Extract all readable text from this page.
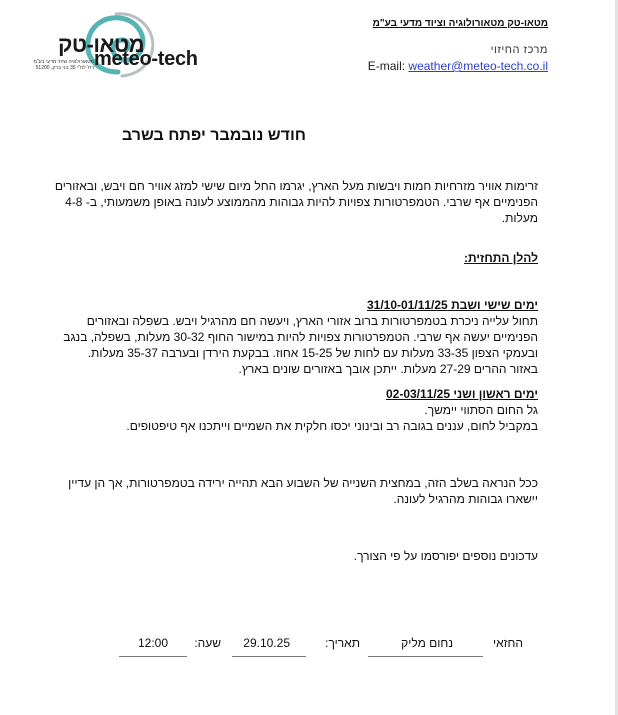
מטאו-טק
meteo-tech
מטאורולוגיה וציוד מדעי בע"מ
רח' לח"י 35 בני ברק, 51200
מטאו-טק מטאורולוגיה וציוד מדעי בע"מ
מרכז החיזוי
E-mail: weather@meteo-tech.co.il
חודש נובמבר יפתח בשרב
זרימות אוויר מזרחיות חמות ויבשות מעל הארץ, יגרמו החל מיום שישי למזג אוויר חם ויבש, ובאזורים הפנימיים אף שרבי. הטמפרטורות צפויות להיות גבוהות מהממוצע לעונה באופן משמעותי, ב- 4-8 מעלות.
להלן התחזית:
ימים שישי ושבת 31/10-01/11/25
תחול עלייה ניכרת בטמפרטורות ברוב אזורי הארץ, ויעשה חם מהרגיל ויבש. בשפלה ובאזורים
הפנימיים יעשה אף שרבי. הטמפרטורות צפויות להיות במישור החוף 30-32 מעלות, בשפלה, בנגב
ובעמקי הצפון 33-35 מעלות עם לחות של 15-25 אחוז. בבקעת הירדן ובערבה 35-37 מעלות.
באזור ההרים 27-29 מעלות. ייתכן אובך באזורים שונים בארץ.
ימים ראשון ושני 02-03/11/25
גל החום הסתווי יימשך.
במקביל לחום, עננים בגובה רב ובינוני יכסו חלקית את השמיים וייתכנו אף טיפטופים.
ככל הנראה בשלב הזה, במחצית השנייה של השבוע הבא תהייה ירידה בטמפרטורות, אך הן עדיין
יישארו גבוהות מהרגיל לעונה.
עדכונים נוספים יפורסמו על פי הצורך.
החזאי
נחום מליק
תאריך:
29.10.25
שעה:
12:00
